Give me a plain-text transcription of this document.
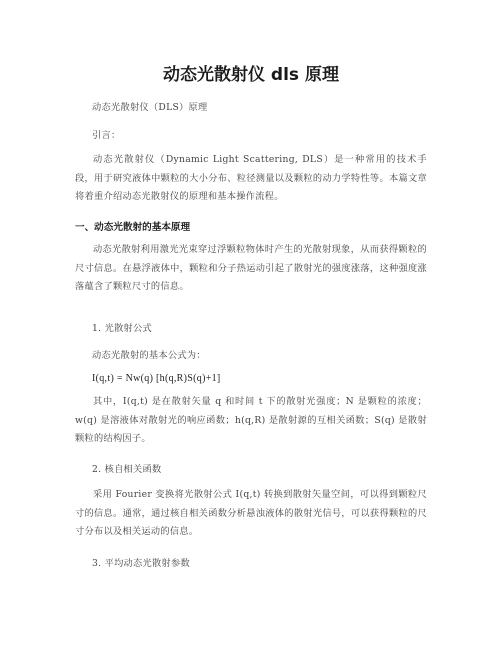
动态光散射仪 dls 原理
动态光散射仪（DLS）原理
引言：
动态光散射仪（Dynamic Light Scattering, DLS）是一种常用的技术手段，用于研究液体中颗粒的大小分布、粒径测量以及颗粒的动力学特性等。本篇文章将着重介绍动态光散射仪的原理和基本操作流程。
一、动态光散射的基本原理
动态光散射利用激光光束穿过浮颗粒物体时产生的光散射现象，从而获得颗粒的尺寸信息。在悬浮液体中，颗粒和分子热运动引起了散射光的强度涨落，这种强度涨落蕴含了颗粒尺寸的信息。
1. 光散射公式
动态光散射的基本公式为：
I(q,t) = Nw(q) [h(q,R)S(q)+1]
其中，I(q,t) 是在散射矢量 q 和时间 t 下的散射光强度；N 是颗粒的浓度；w(q) 是溶液体对散射光的响应函数；h(q,R) 是散射源的互相关函数；S(q) 是散射颗粒的结构因子。
2. 核自相关函数
采用 Fourier 变换将光散射公式 I(q,t) 转换到散射矢量空间，可以得到颗粒尺寸的信息。通常，通过核自相关函数分析悬浊液体的散射光信号，可以获得颗粒的尺寸分布以及相关运动的信息。
3. 平均动态光散射参数
